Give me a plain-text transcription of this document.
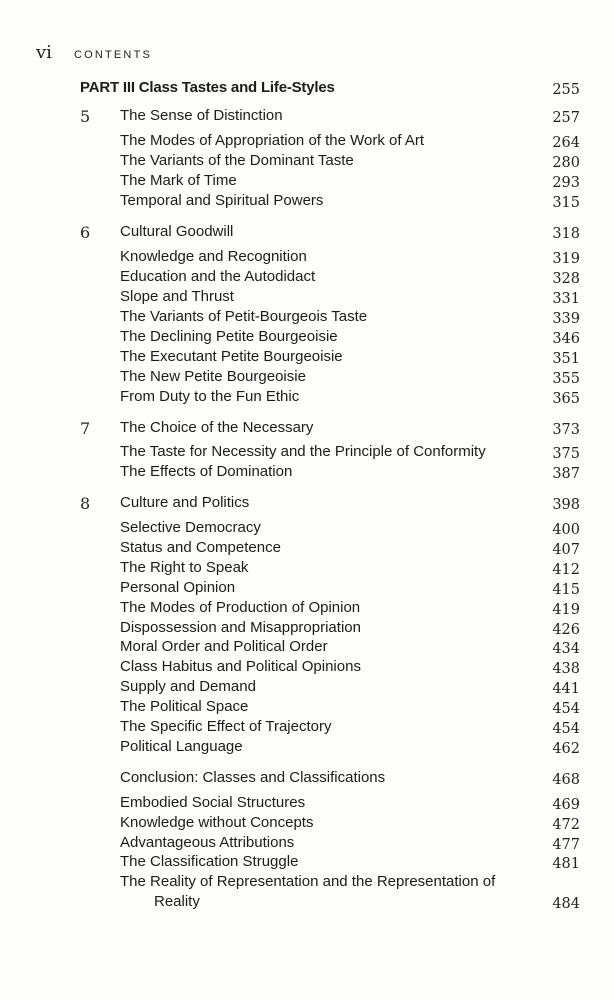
vi CONTENTS
PART III Class Tastes and Life-Styles	255
5 The Sense of Distinction	257
The Modes of Appropriation of the Work of Art	264
The Variants of the Dominant Taste	280
The Mark of Time	293
Temporal and Spiritual Powers	315
6 Cultural Goodwill	318
Knowledge and Recognition	319
Education and the Autodidact	328
Slope and Thrust	331
The Variants of Petit-Bourgeois Taste	339
The Declining Petite Bourgeoisie	346
The Executant Petite Bourgeoisie	351
The New Petite Bourgeoisie	355
From Duty to the Fun Ethic	365
7 The Choice of the Necessary	373
The Taste for Necessity and the Principle of Conformity	375
The Effects of Domination	387
8 Culture and Politics	398
Selective Democracy	400
Status and Competence	407
The Right to Speak	412
Personal Opinion	415
The Modes of Production of Opinion	419
Dispossession and Misappropriation	426
Moral Order and Political Order	434
Class Habitus and Political Opinions	438
Supply and Demand	441
The Political Space	454
The Specific Effect of Trajectory	454
Political Language	462
Conclusion: Classes and Classifications	468
Embodied Social Structures	469
Knowledge without Concepts	472
Advantageous Attributions	477
The Classification Struggle	481
The Reality of Representation and the Representation of
Reality	484
